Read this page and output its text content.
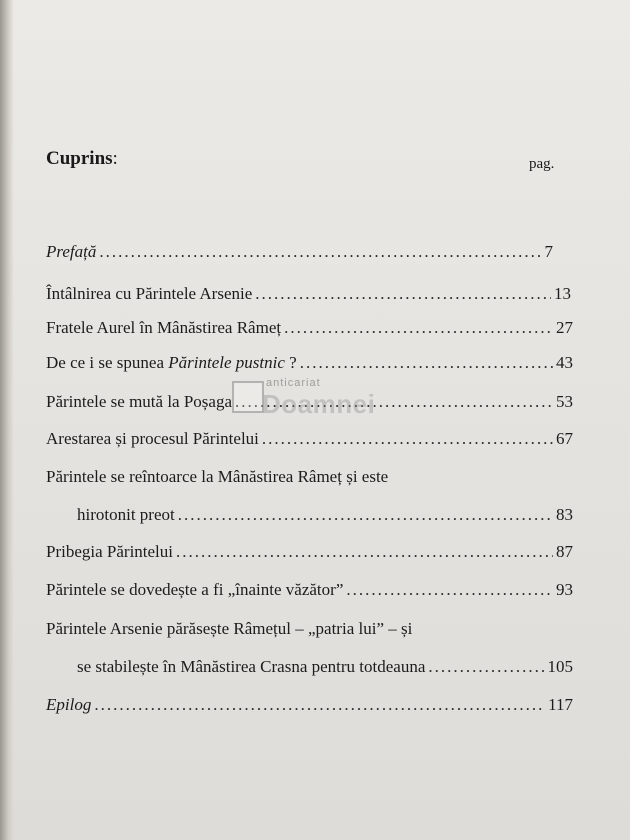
Cuprins:	pag.
Prefață .....	7
Întâlnirea cu Părintele Arsenie .....	13
Fratele Aurel în Mânăstirea Râmeț .....	27
De ce i se spunea Părintele pustnic ? .....	43
Părintele se mută la Poșaga .....	53
Arestarea și procesul Părintelui .....	67
Părintele se reîntoarce la Mânăstirea Râmeț și este
hirotonit preot .....	83
Pribegia Părintelui .....	87
Părintele se dovedește a fi „înainte văzător” .....	93
Părintele Arsenie părăsește Râmețul – „patria lui” – și
se stabilește în Mânăstirea Crasna pentru totdeauna .....	105
Epilog .....	117
anticariat
Doamnei
